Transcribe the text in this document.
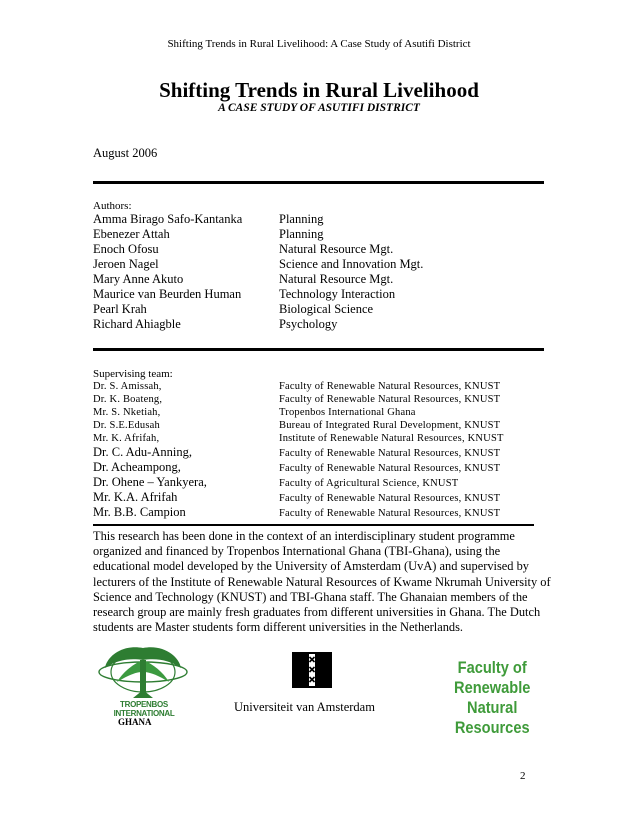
Shifting Trends in Rural Livelihood: A Case Study of Asutifi District
Shifting Trends in Rural Livelihood
A CASE STUDY OF ASUTIFI DISTRICT
August 2006
Authors:
Amma Birago Safo-Kantanka	Planning
Ebenezer Attah	Planning
Enoch Ofosu	Natural Resource Mgt.
Jeroen Nagel	Science and Innovation Mgt.
Mary Anne Akuto	Natural Resource Mgt.
Maurice van Beurden Human	Technology Interaction
Pearl Krah	Biological Science
Richard Ahiagble	Psychology
Supervising team:
Dr. S. Amissah,	Faculty of Renewable Natural Resources, KNUST
Dr. K. Boateng,	Faculty of Renewable Natural Resources, KNUST
Mr. S. Nketiah,	Tropenbos International Ghana
Dr. S.E.Edusah	Bureau of Integrated Rural Development, KNUST
Mr. K. Afrifah,	Institute of Renewable Natural Resources, KNUST
Dr. C. Adu-Anning,	Faculty of Renewable Natural Resources, KNUST
Dr. Acheampong,	Faculty of Renewable Natural Resources, KNUST
Dr. Ohene – Yankyera,	Faculty of Agricultural Science, KNUST
Mr. K.A. Afrifah	Faculty of Renewable Natural Resources, KNUST
Mr. B.B. Campion	Faculty of Renewable Natural Resources, KNUST

This research has been done in the context of an interdisciplinary student programme organized and financed by Tropenbos International Ghana (TBI-Ghana), using the educational model developed by the University of Amsterdam (UvA) and supervised by lecturers of the Institute of Renewable Natural Resources of Kwame Nkrumah University of Science and Technology (KNUST) and TBI-Ghana staff. The Ghanaian members of the research group are mainly fresh graduates from different universities in Ghana. The Dutch students are Master students form different universities in the Netherlands.

TROPENBOS INTERNATIONAL
GHANA
Universiteit van Amsterdam
Faculty of Renewable
Natural Resources
2
